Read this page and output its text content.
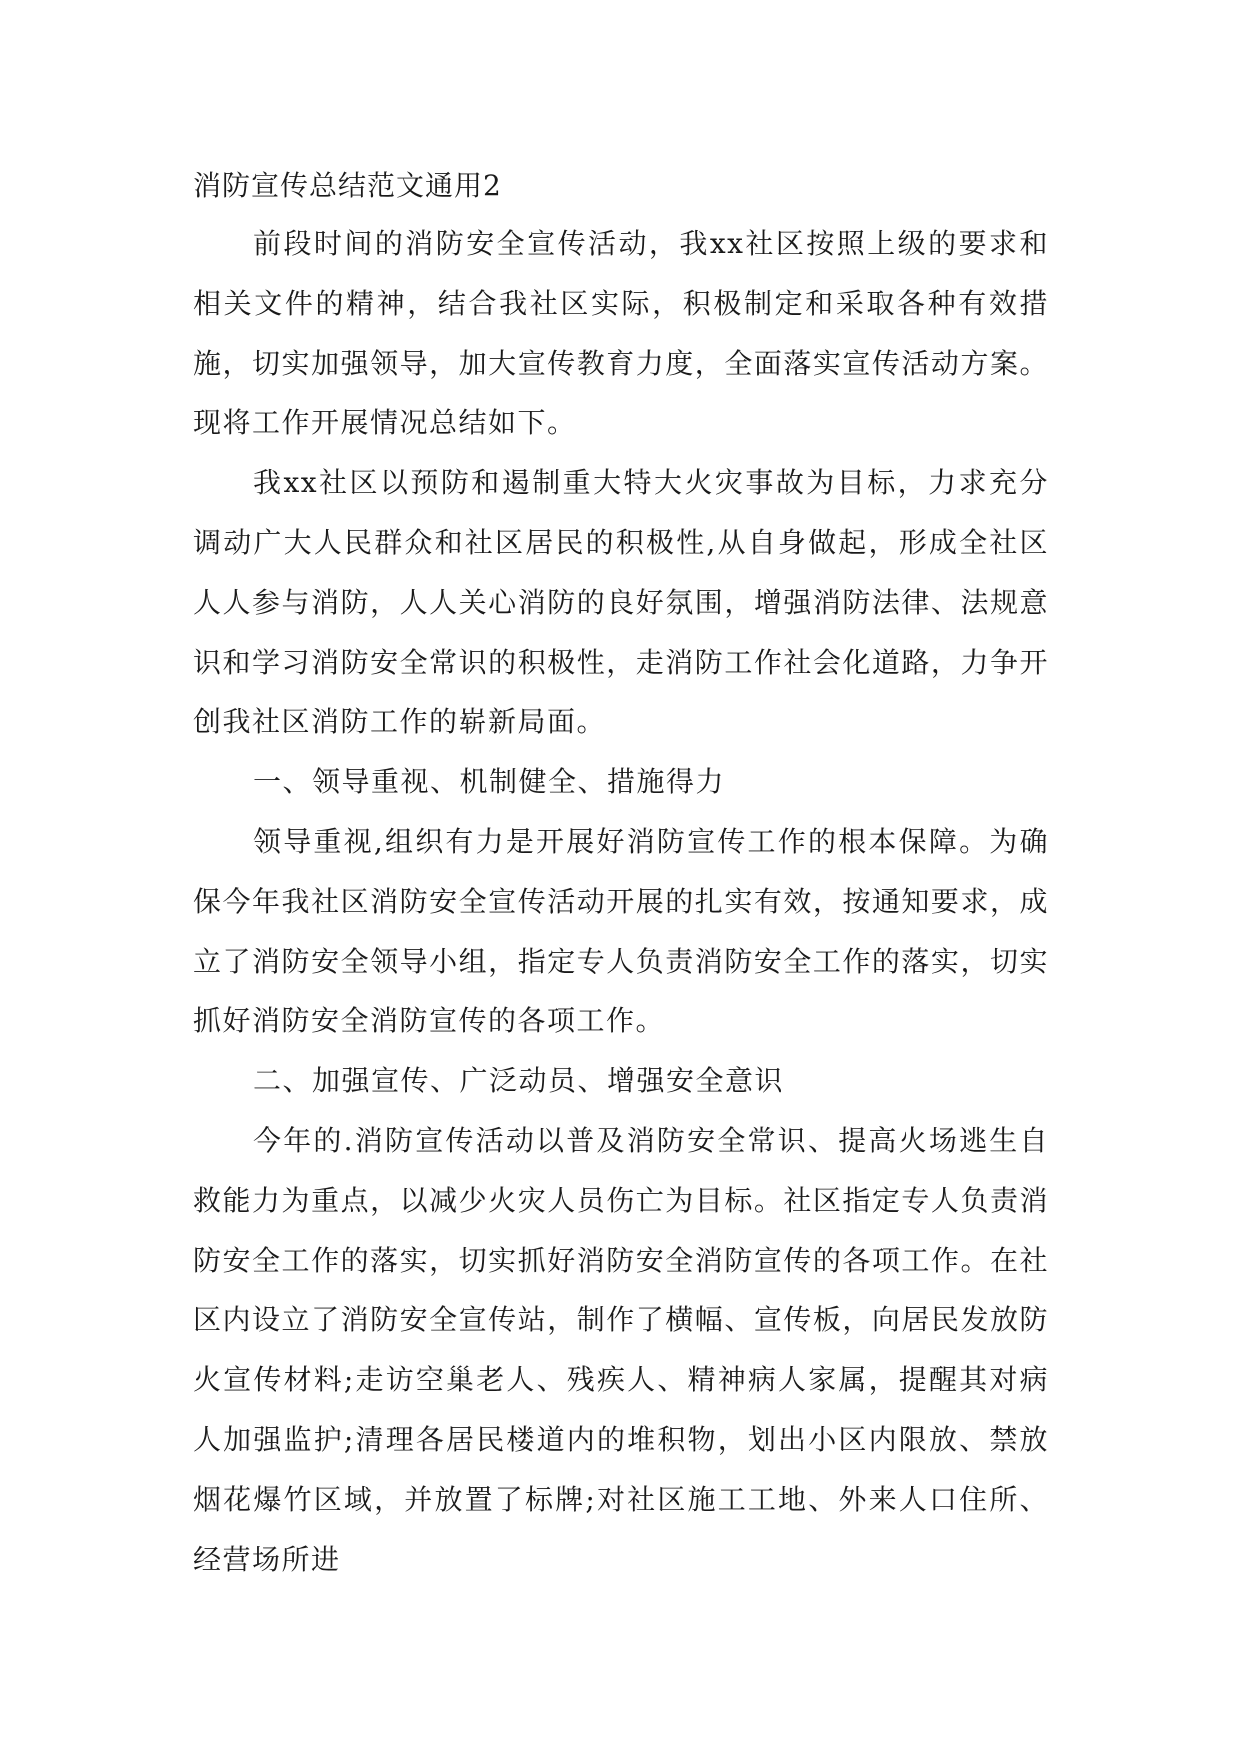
消防宣传总结范文通用2

前段时间的消防安全宣传活动，我xx社区按照上级的要求和相关文件的精神，结合我社区实际，积极制定和采取各种有效措施，切实加强领导，加大宣传教育力度，全面落实宣传活动方案。现将工作开展情况总结如下。

我xx社区以预防和遏制重大特大火灾事故为目标，力求充分调动广大人民群众和社区居民的积极性,从自身做起，形成全社区人人参与消防，人人关心消防的良好氛围，增强消防法律、法规意识和学习消防安全常识的积极性，走消防工作社会化道路，力争开创我社区消防工作的崭新局面。

一、领导重视、机制健全、措施得力

领导重视,组织有力是开展好消防宣传工作的根本保障。为确保今年我社区消防安全宣传活动开展的扎实有效，按通知要求，成立了消防安全领导小组，指定专人负责消防安全工作的落实，切实抓好消防安全消防宣传的各项工作。

二、加强宣传、广泛动员、增强安全意识

今年的.消防宣传活动以普及消防安全常识、提高火场逃生自救能力为重点，以减少火灾人员伤亡为目标。社区指定专人负责消防安全工作的落实，切实抓好消防安全消防宣传的各项工作。在社区内设立了消防安全宣传站，制作了横幅、宣传板，向居民发放防火宣传材料;走访空巢老人、残疾人、精神病人家属，提醒其对病人加强监护;清理各居民楼道内的堆积物，划出小区内限放、禁放烟花爆竹区域，并放置了标牌;对社区施工工地、外来人口住所、经营场所进
